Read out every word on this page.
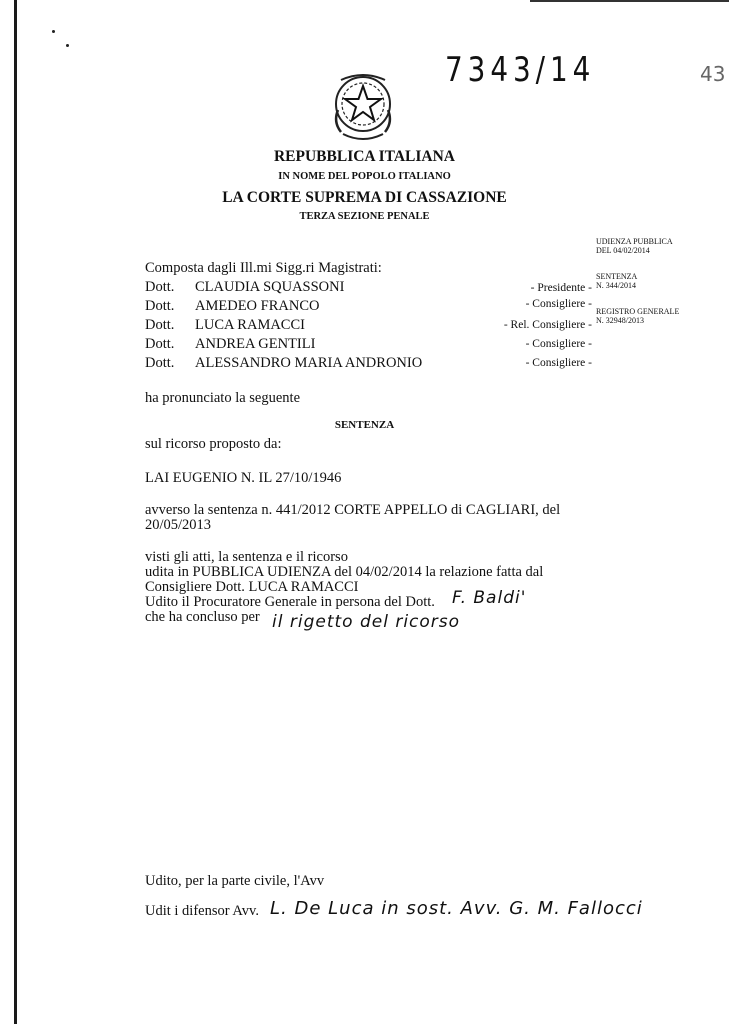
7343/14	43
REPUBBLICA ITALIANA
IN NOME DEL POPOLO ITALIANO
LA CORTE SUPREMA DI CASSAZIONE
TERZA SEZIONE PENALE
UDIENZA PUBBLICA
DEL 04/02/2014
SENTENZA
N. 344/2014
REGISTRO GENERALE
N. 32948/2013
Composta dagli Ill.mi Sigg.ri Magistrati:
Dott. CLAUDIA SQUASSONI	- Presidente -
Dott. AMEDEO FRANCO	- Consigliere -
Dott. LUCA RAMACCI	- Rel. Consigliere -
Dott. ANDREA GENTILI	- Consigliere -
Dott. ALESSANDRO MARIA ANDRONIO	- Consigliere -
ha pronunciato la seguente
SENTENZA
sul ricorso proposto da:
LAI EUGENIO N. IL 27/10/1946
avverso la sentenza n. 441/2012 CORTE APPELLO di CAGLIARI, del
20/05/2013
visti gli atti, la sentenza e il ricorso
udita in PUBBLICA UDIENZA del 04/02/2014 la relazione fatta dal
Consigliere Dott. LUCA RAMACCI
Udito il Procuratore Generale in persona del Dott. F. Baldi'
che ha concluso per il rigetto del ricorso
Udito, per la parte civile, l'Avv
Udit i difensor Avv. L. De Luca in sost. Avv. G. M. Fallocci
